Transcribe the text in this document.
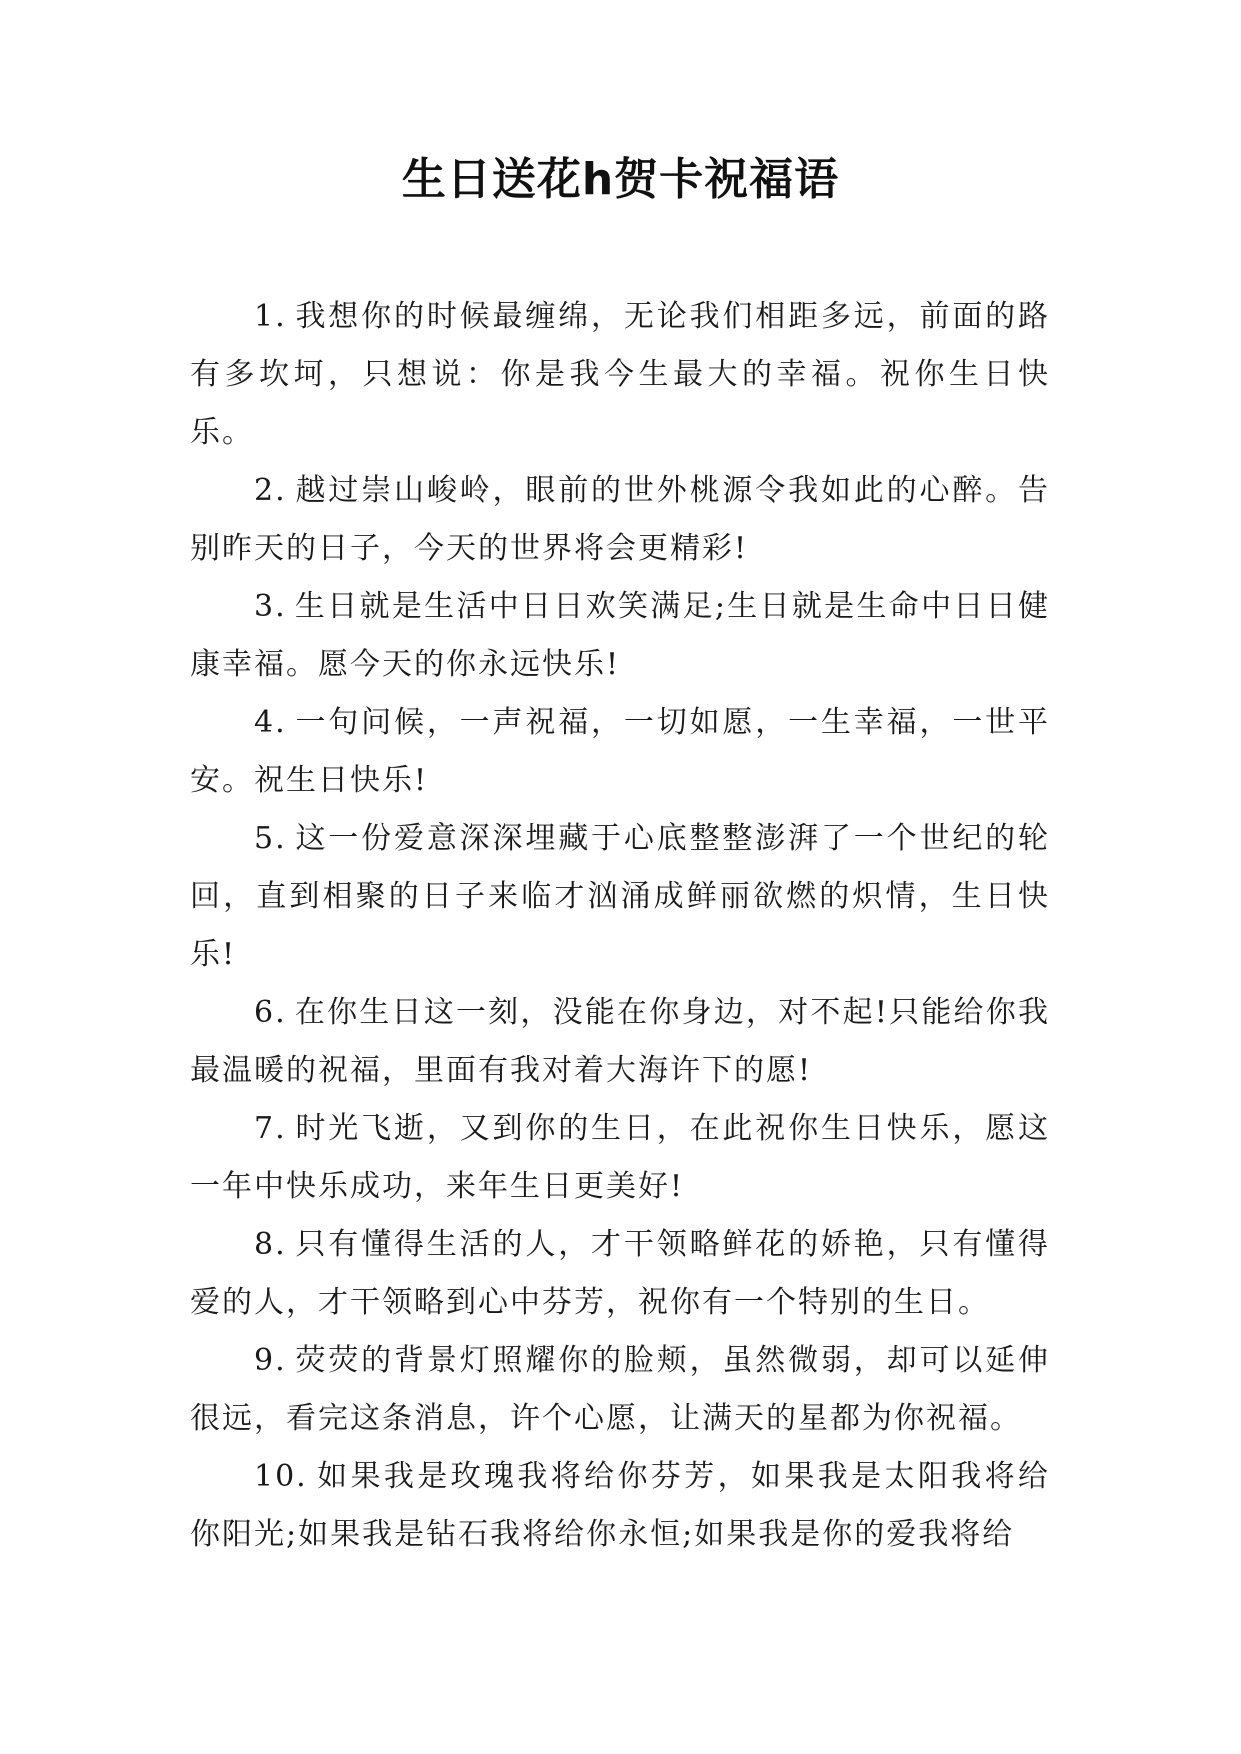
生日送花h贺卡祝福语

1. 我想你的时候最缠绵，无论我们相距多远，前面的路有多坎坷，只想说：你是我今生最大的幸福。祝你生日快乐。

2. 越过崇山峻岭，眼前的世外桃源令我如此的心醉。告别昨天的日子，今天的世界将会更精彩!

3. 生日就是生活中日日欢笑满足;生日就是生命中日日健康幸福。愿今天的你永远快乐!

4. 一句问候，一声祝福，一切如愿，一生幸福，一世平安。祝生日快乐!

5. 这一份爱意深深埋藏于心底整整澎湃了一个世纪的轮回，直到相聚的日子来临才汹涌成鲜丽欲燃的炽情，生日快乐!

6. 在你生日这一刻，没能在你身边，对不起!只能给你我最温暖的祝福，里面有我对着大海许下的愿!

7. 时光飞逝，又到你的生日，在此祝你生日快乐，愿这一年中快乐成功，来年生日更美好!

8. 只有懂得生活的人，才干领略鲜花的娇艳，只有懂得爱的人，才干领略到心中芬芳，祝你有一个特别的生日。

9. 荧荧的背景灯照耀你的脸颊，虽然微弱，却可以延伸很远，看完这条消息，许个心愿，让满天的星都为你祝福。

10. 如果我是玫瑰我将给你芬芳，如果我是太阳我将给你阳光;如果我是钻石我将给你永恒;如果我是你的爱我将给
